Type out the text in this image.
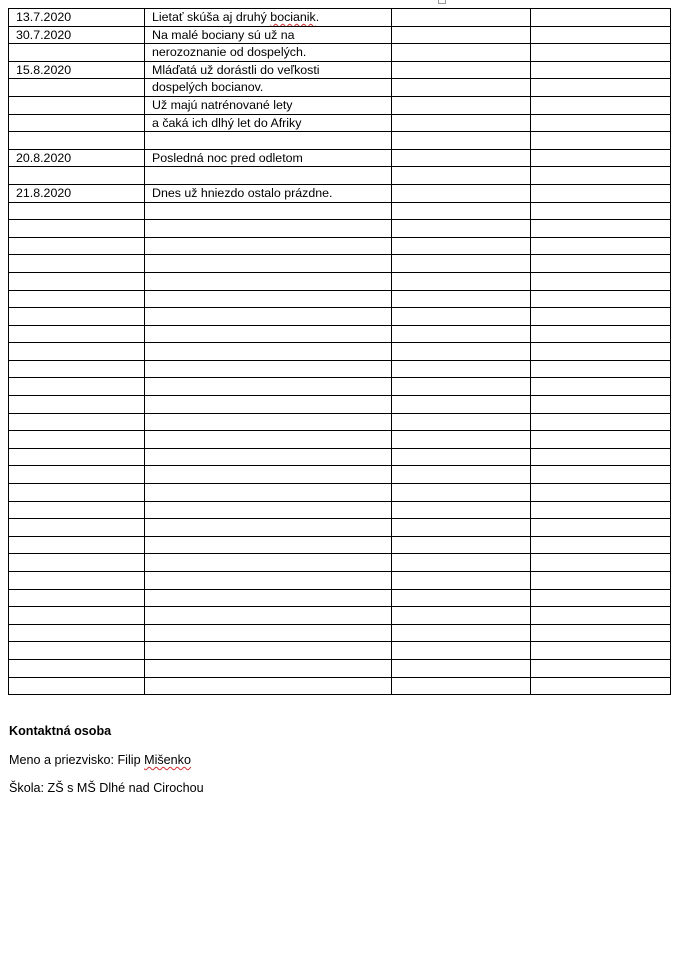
13.7.2020	Lietať skúša aj druhý bocianik.		
30.7.2020	Na malé bociany sú už na		
	nerozoznanie od dospelých.		
15.8.2020	Mláďatá už dorástli do veľkosti		
	dospelých bocianov.		
	Už majú natrénované lety		
	a čaká ich dlhý let do Afriky		

20.8.2020	Posledná noc pred odletom		

21.8.2020	Dnes už hniezdo ostalo prázdne.		

Kontaktná osoba
Meno a priezvisko: Filip Mišenko
Škola: ZŠ s MŠ Dlhé nad Cirochou
